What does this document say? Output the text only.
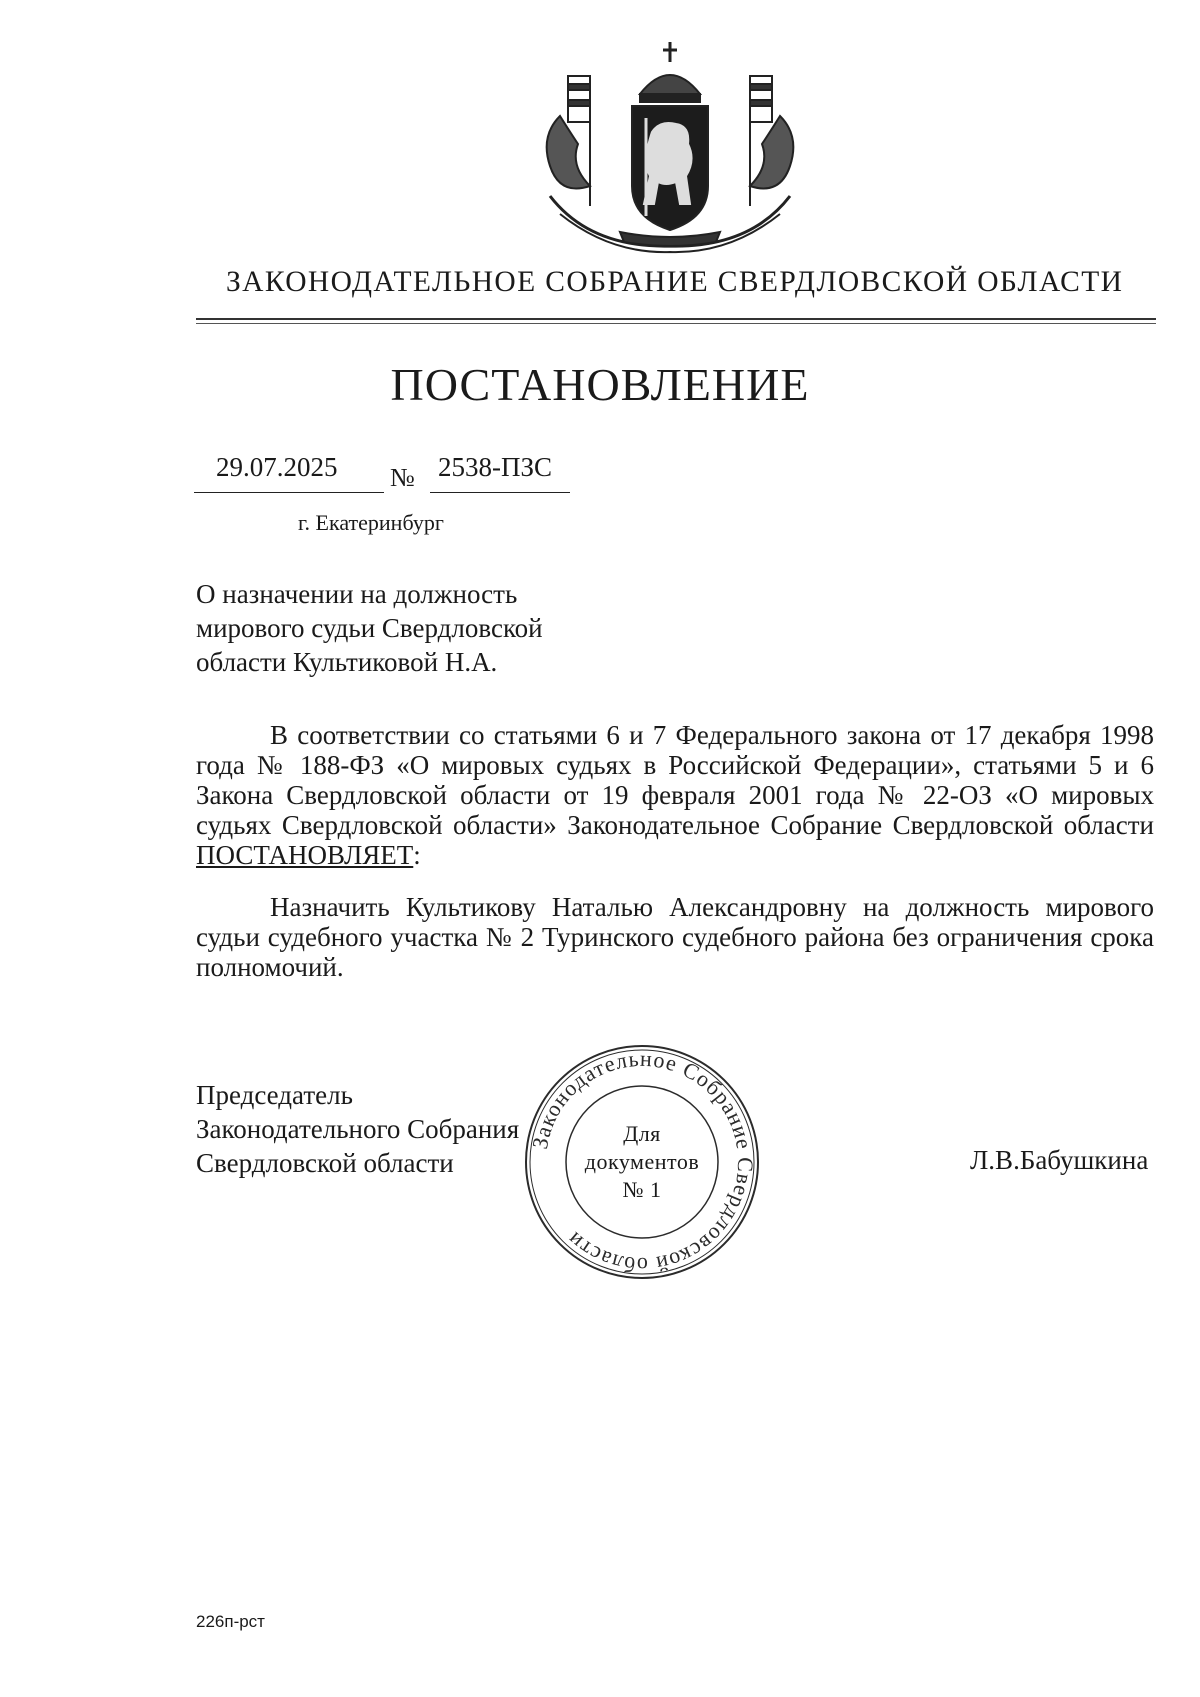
ЗАКОНОДАТЕЛЬНОЕ СОБРАНИЕ СВЕРДЛОВСКОЙ ОБЛАСТИ
ПОСТАНОВЛЕНИЕ
29.07.2025 № 2538-ПЗС
г. Екатеринбург
О назначении на должность
мирового судьи Свердловской
области Культиковой Н.А.
В соответствии со статьями 6 и 7 Федерального закона от 17 декабря 1998 года № 188-ФЗ «О мировых судьях в Российской Федерации», статьями 5 и 6 Закона Свердловской области от 19 февраля 2001 года № 22-ОЗ «О мировых судьях Свердловской области» Законодательное Собрание Свердловской области ПОСТАНОВЛЯЕТ:
Назначить Культикову Наталью Александровну на должность мирового судьи судебного участка № 2 Туринского судебного района без ограничения срока полномочий.
Председатель
Законодательного Собрания
Свердловской области
Законодательное Собрание Свердловской области
Для
документов
№ 1
Л.В.Бабушкина
226п-рст
